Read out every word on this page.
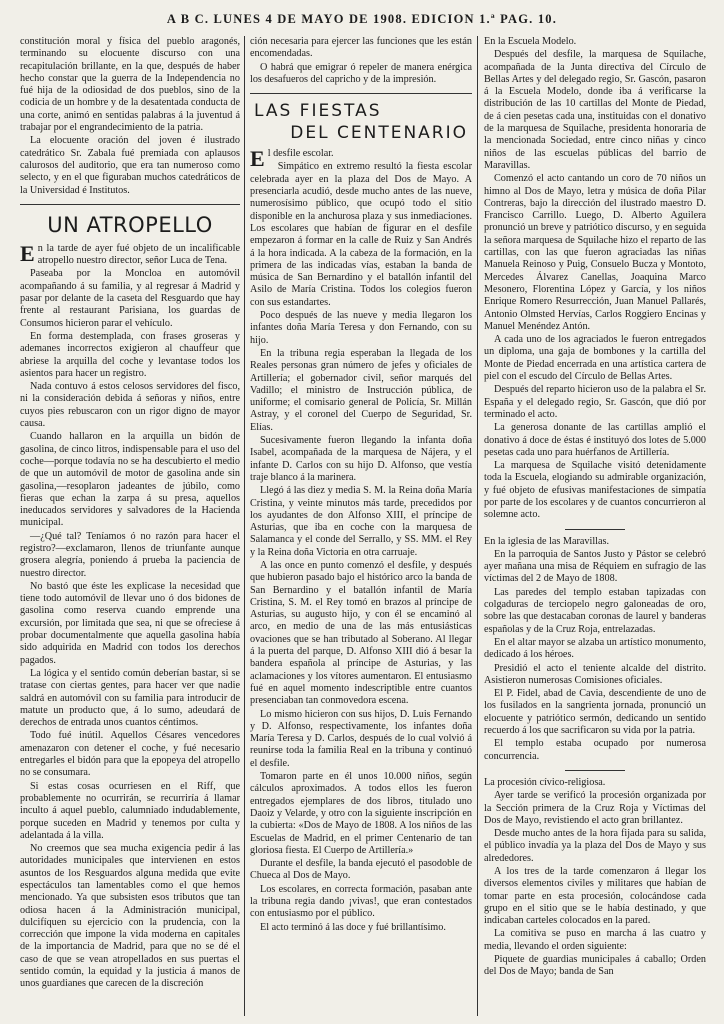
A B C. LUNES 4 DE MAYO DE 1908. EDICION 1.ª PAG. 10.

constitución moral y física del pueblo aragonés, terminando su elocuente discurso con una recapitulación brillante, en la que, después de haber hecho constar que la guerra de la Independencia no fué hija de la odiosidad de dos pueblos, sino de la codicia de un hombre y de la desatentada conducta de una corte, animó en sentidas palabras á la juventud á trabajar por el engrandecimiento de la patria.

La elocuente oración del joven é ilustrado catedrático Sr. Zabala fué premiada con aplausos calurosos del auditorio, que era tan numeroso como selecto, y en el que figuraban muchos catedráticos de la Universidad é Institutos.

UN ATROPELLO

En la tarde de ayer fué objeto de un incalificable atropello nuestro director, señor Luca de Tena.

Paseaba por la Moncloa en automóvil acompañando á su familia, y al regresar á Madrid y pasar por delante de la caseta del Resguardo que hay frente al restaurant Parisiana, los guardas de Consumos hicieron parar el vehículo.

En forma destemplada, con frases groseras y ademanes incorrectos exigieron al chauffeur que abriese la arquilla del coche y levantase todos los asientos para hacer un registro.

Nada contuvo á estos celosos servidores del fisco, ni la consideración debida á señoras y niños, entre cuyos pies rebuscaron con un rigor digno de mayor causa.

Cuando hallaron en la arquilla un bidón de gasolina, de cinco litros, indispensable para el uso del coche—porque todavía no se ha descubierto el medio de que un automóvil de motor de gasolina ande sin gasolina,—resoplaron jadeantes de júbilo, como fieras que echan la zarpa á su presa, aquellos ineducados servidores y salvadores de la Hacienda municipal.

—¿Qué tal? Teníamos ó no razón para hacer el registro?—exclamaron, llenos de triunfante aunque grosera alegría, poniendo á prueba la paciencia de nuestro director.

No bastó que éste les explicase la necesidad que tiene todo automóvil de llevar uno ó dos bidones de gasolina como reserva cuando emprende una excursión, por limitada que sea, ni que se ofreciese á probar documentalmente que aquella gasolina había sido adquirida en Madrid con todos los derechos pagados.

La lógica y el sentido común deberían bastar, si se tratase con ciertas gentes, para hacer ver que nadie saldrá en automóvil con su familia para introducir de matute un producto que, á lo sumo, adeudará de derechos de entrada unos cuantos céntimos.

Todo fué inútil. Aquellos Césares vencedores amenazaron con detener el coche, y fué necesario entregarles el bidón para que la epopeya del atropello no se consumara.

Si estas cosas ocurriesen en el Riff, que probablemente no ocurrirán, se recurriría á llamar inculto á aquel pueblo, calumniado indudablemente, porque suceden en Madrid y tenemos por culta y adelantada á la villa.

No creemos que sea mucha exigencia pedir á las autoridades municipales que intervienen en estos asuntos de los Resguardos alguna medida que evite espectáculos tan lamentables como el que hemos mencionado. Ya que subsisten esos tributos que tan odiosa hacen á la Administración municipal, dulcifíquen su ejercicio con la prudencia, con la corrección que impone la vida moderna en capitales de la importancia de Madrid, para que no se dé el caso de que se vean atropellados en sus puertas el sentido común, la equidad y la justicia á manos de unos guardianes que carecen de la discreción

ción necesaria para ejercer las funciones que les están encomendadas.

O habrá que emigrar ó repeler de manera enérgica los desafueros del capricho y de la impresión.

LAS FIESTAS
DEL CENTENARIO

El desfile escolar.

Simpático en extremo resultó la fiesta escolar celebrada ayer en la plaza del Dos de Mayo. A presenciarla acudió, desde mucho antes de las nueve, numerosísimo público, que ocupó todo el sitio disponible en la anchurosa plaza y sus inmediaciones. Los escolares que habían de figurar en el desfile empezaron á formar en la calle de Ruiz y San Andrés á la hora indicada. A la cabeza de la formación, en la primera de las indicadas vías, estaban la banda de música de San Bernardino y el batallón infantil del Asilo de María Cristina. Todos los colegios fueron con sus estandartes.

Poco después de las nueve y media llegaron los infantes doña María Teresa y don Fernando, con su hijo.

En la tribuna regia esperaban la llegada de los Reales personas gran número de jefes y oficiales de Artillería; el gobernador civil, señor marqués del Vadillo; el ministro de Instrucción pública, de uniforme; el comisario general de Policía, Sr. Millán Astray, y el coronel del Cuerpo de Seguridad, Sr. Elías.

Sucesivamente fueron llegando la infanta doña Isabel, acompañada de la marquesa de Nájera, y el infante D. Carlos con su hijo D. Alfonso, que vestía traje blanco á la marinera.

Llegó á las diez y media S. M. la Reina doña María Cristina, y veinte minutos más tarde, precedidos por los ayudantes de don Alfonso XIII, el príncipe de Asturias, que iba en coche con la marquesa de Salamanca y el conde del Serrallo, y SS. MM. el Rey y la Reina doña Victoria en otra carruaje.

A las once en punto comenzó el desfile, y después que hubieron pasado bajo el histórico arco la banda de San Bernardino y el batallón infantil de María Cristina, S. M. el Rey tomó en brazos al príncipe de Asturias, su augusto hijo, y con él se encaminó al arco, en medio de una de las más entusiásticas ovaciones que se han tributado al Soberano. Al llegar á la puerta del parque, D. Alfonso XIII dió á besar la bandera española al príncipe de Asturias, y las aclamaciones y los vítores aumentaron. El entusiasmo fué en aquel momento indescriptible entre cuantos presenciaban tan conmovedora escena.

Lo mismo hicieron con sus hijos, D. Luis Fernando y D. Alfonso, respectivamente, los infantes doña María Teresa y D. Carlos, después de lo cual volvió á reunirse toda la familia Real en la tribuna y continuó el desfile.

Tomaron parte en él unos 10.000 niños, según cálculos aproximados. A todos ellos les fueron entregados ejemplares de dos libros, titulado uno Daoiz y Velarde, y otro con la siguiente inscripción en la cubierta: «Dos de Mayo de 1808. A los niños de las Escuelas de Madrid, en el primer Centenario de tan gloriosa fiesta. El Cuerpo de Artillería.»

Durante el desfile, la banda ejecutó el pasodoble de Chueca al Dos de Mayo.

Los escolares, en correcta formación, pasaban ante la tribuna regia dando ¡vivas!, que eran contestados con entusiasmo por el público.

El acto terminó á las doce y fué brillantísimo.

En la Escuela Modelo.

Después del desfile, la marquesa de Squilache, acompañada de la Junta directiva del Círculo de Bellas Artes y del delegado regio, Sr. Gascón, pasaron á la Escuela Modelo, donde iba á verificarse la distribución de las 10 cartillas del Monte de Piedad, de á cien pesetas cada una, instituidas con el donativo de la marquesa de Squilache, presidenta honoraria de la mencionada Sociedad, entre cinco niñas y cinco niños de las escuelas públicas del barrio de Maravillas.

Comenzó el acto cantando un coro de 70 niños un himno al Dos de Mayo, letra y música de doña Pilar Contreras, bajo la dirección del ilustrado maestro D. Francisco Carrillo. Luego, D. Alberto Aguilera pronunció un breve y patriótico discurso, y en seguida la señora marquesa de Squilache hizo el reparto de las cartillas, con las que fueron agraciadas las niñas Manuela Reinoso y Puig, Consuelo Bucza y Montoto, Mercedes Álvarez Canellas, Joaquina Marco Mesonero, Florentina López y García, y los niños Enrique Romero Resurrección, Juan Manuel Pallarés, Antonio Olmsted Hervías, Carlos Roggiero Encinas y Manuel Menéndez Antón.

A cada uno de los agraciados le fueron entregados un diploma, una gaja de bombones y la cartilla del Monte de Piedad encerrada en una artística cartera de piel con el escudo del Círculo de Bellas Artes.

Después del reparto hicieron uso de la palabra el Sr. España y el delegado regio, Sr. Gascón, que dió por terminado el acto.

La generosa donante de las cartillas amplió el donativo á doce de éstas é instituyó dos lotes de 5.000 pesetas cada uno para huérfanos de Artillería.

La marquesa de Squilache visitó detenidamente toda la Escuela, elogiando su admirable organización, y fué objeto de efusivas manifestaciones de simpatía por parte de los escolares y de cuantos concurrieron al solemne acto.

En la iglesia de las Maravillas.

En la parroquia de Santos Justo y Pástor se celebró ayer mañana una misa de Réquiem en sufragio de las víctimas del 2 de Mayo de 1808.

Las paredes del templo estaban tapizadas con colgaduras de terciopelo negro galoneadas de oro, sobre las que destacaban coronas de laurel y banderas españolas y de la Cruz Roja, entrelazadas.

En el altar mayor se alzaba un artístico monumento, dedicado á los héroes.

Presidió el acto el teniente alcalde del distrito. Asistieron numerosas Comisiones oficiales.

El P. Fidel, abad de Cavia, descendiente de uno de los fusilados en la sangrienta jornada, pronunció un elocuente y patriótico sermón, dedicando un sentido recuerdo á los que sacrificaron su vida por la patria.

El templo estaba ocupado por numerosa concurrencia.

La procesión cívico-religiosa.

Ayer tarde se verificó la procesión organizada por la Sección primera de la Cruz Roja y Víctimas del Dos de Mayo, revistiendo el acto gran brillantez.

Desde mucho antes de la hora fijada para su salida, el público invadía ya la plaza del Dos de Mayo y sus alrededores.

A los tres de la tarde comenzaron á llegar los diversos elementos civiles y militares que habían de tomar parte en esta procesión, colocándose cada grupo en el sitio que se le había destinado, y que indicaban carteles colocados en la pared.

La comitiva se puso en marcha á las cuatro y media, llevando el orden siguiente:

Piquete de guardias municipales á caballo; Orden del Dos de Mayo; banda de San
